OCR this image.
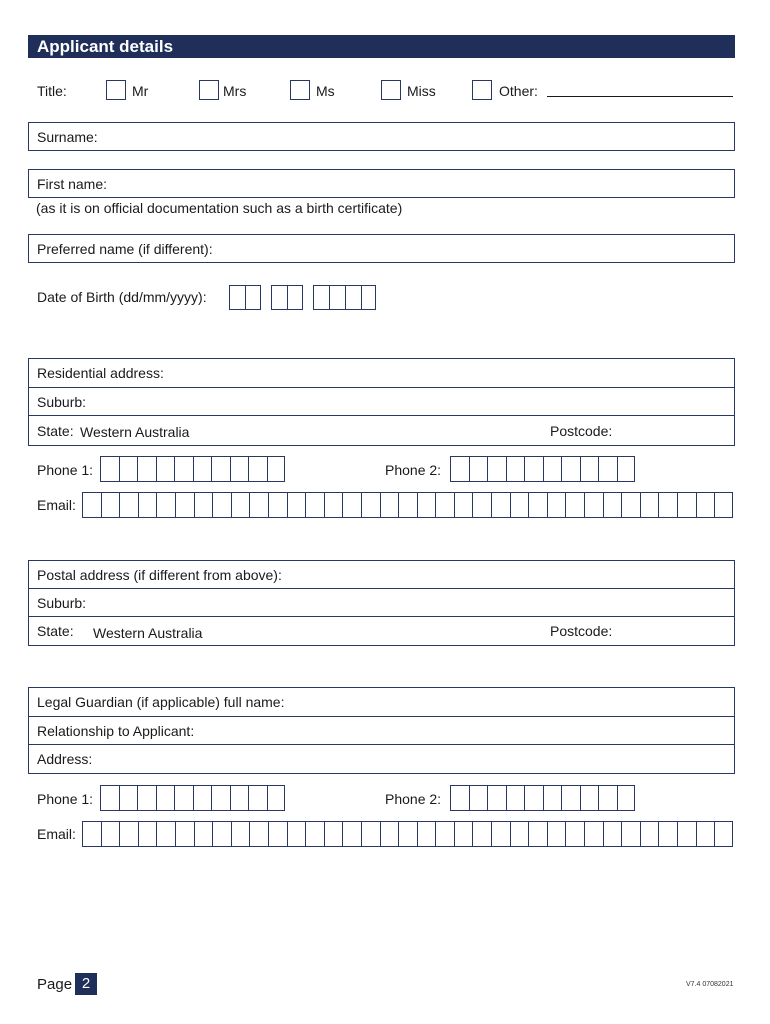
Applicant details
Title:	Mr	Mrs	Ms	Miss	Other:
Surname:
First name:
(as it is on official documentation such as a birth certificate)
Preferred name (if different):
Date of Birth (dd/mm/yyyy):
Residential address:
Suburb:
State: Western Australia	Postcode:
Phone 1:	Phone 2:
Email:
Postal address (if different from above):
Suburb:
State: Western Australia	Postcode:
Legal Guardian (if applicable) full name:
Relationship to Applicant:
Address:
Phone 1:	Phone 2:
Email:
Page 2	V7.4 07082021
